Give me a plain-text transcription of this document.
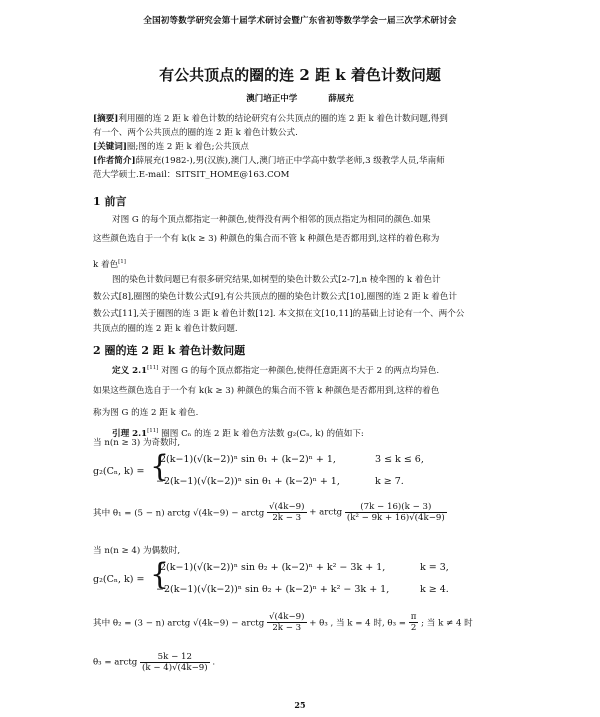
全国初等数学研究会第十届学术研讨会暨广东省初等数学学会一届三次学术研讨会
有公共顶点的圈的连 2 距 k 着色计数问题
澳门培正中学	薛展充
[摘要]利用圈的连 2 距 k 着色计数的结论研究有公共顶点的圈的连 2 距 k 着色计数问题,得到
有一个、两个公共顶点的圈的连 2 距 k 着色计数公式.
[关键词]圈;图的连 2 距 k 着色;公共顶点
[作者简介]薛展充(1982-),男(汉族),澳门人,澳门培正中学高中数学老师,3 级教学人员,华南师
范大学硕士.E-mail：SITSIT_HOME@163.COM
1 前言
对图 G 的每个顶点都指定一种颜色,使得没有两个相邻的顶点指定为相同的颜色.如果
这些颜色选自于一个有 k(k ≥ 3) 种颜色的集合而不管 k 种颜色是否都用到,这样的着色称为
k 着色[1]
图的染色计数问题已有很多研究结果,如树型的染色计数公式[2-7],n 棱伞图的 k 着色计
数公式[8],圈图的染色计数公式[9],有公共顶点的圈的染色计数公式[10],圈图的连 2 距 k 着色计
数公式[11],关于圈图的连 3 距 k 着色计数[12]. 本文拟在文[10,11]的基础上讨论有一个、两个公
共顶点的圈的连 2 距 k 着色计数问题.
2 圈的连 2 距 k 着色计数问题
定义 2.1[11] 对图 G 的每个顶点都指定一种颜色,使得任意距离不大于 2 的两点均异色.
如果这些颜色选自于一个有 k(k ≥ 3) 种颜色的集合而不管 k 种颜色是否都用到,这样的着色
称为图 G 的连 2 距 k 着色.
引理 2.1[11] 圈图 Cₙ 的连 2 距 k 着色方法数 g₂(Cₙ, k) 的值如下:
当 n(n ≥ 3) 为奇数时,
g₂(Cₙ, k) = {
2(k−1)(√(k−2))ⁿ sin θ₁ + (k−2)ⁿ + 1,	3 ≤ k ≤ 6,
−2(k−1)(√(k−2))ⁿ sin θ₁ + (k−2)ⁿ + 1,	k ≥ 7.
其中 θ₁ = (5 − n) arctg √(4k−9) − arctg $\frac{√(4k-9)}{2k - 3}$ + arctg $\frac{(7k - 16)(k - 3)}{\text{(k² − 9k + 16)√(4k−9)}}$
当 n(n ≥ 4) 为偶数时,
g₂(Cₙ, k) = {
2(k−1)(√(k−2))ⁿ sin θ₂ + (k−2)ⁿ + k² − 3k + 1,	k = 3,
−2(k−1)(√(k−2))ⁿ sin θ₂ + (k−2)ⁿ + k² − 3k + 1,	k ≥ 4.
其中 θ₂ = (3 − n) arctg √(4k−9) − arctg $\frac{√(4k-9)}{2k - 3} + \theta_3$ , 当 k = 4 时, $\theta_3 = \frac{\pi}{2}$ ; 当 k ≠ 4 时
θ₃ = arctg $\frac{5k - 12}{(k - 4)√(4k-9)}$ .
25
